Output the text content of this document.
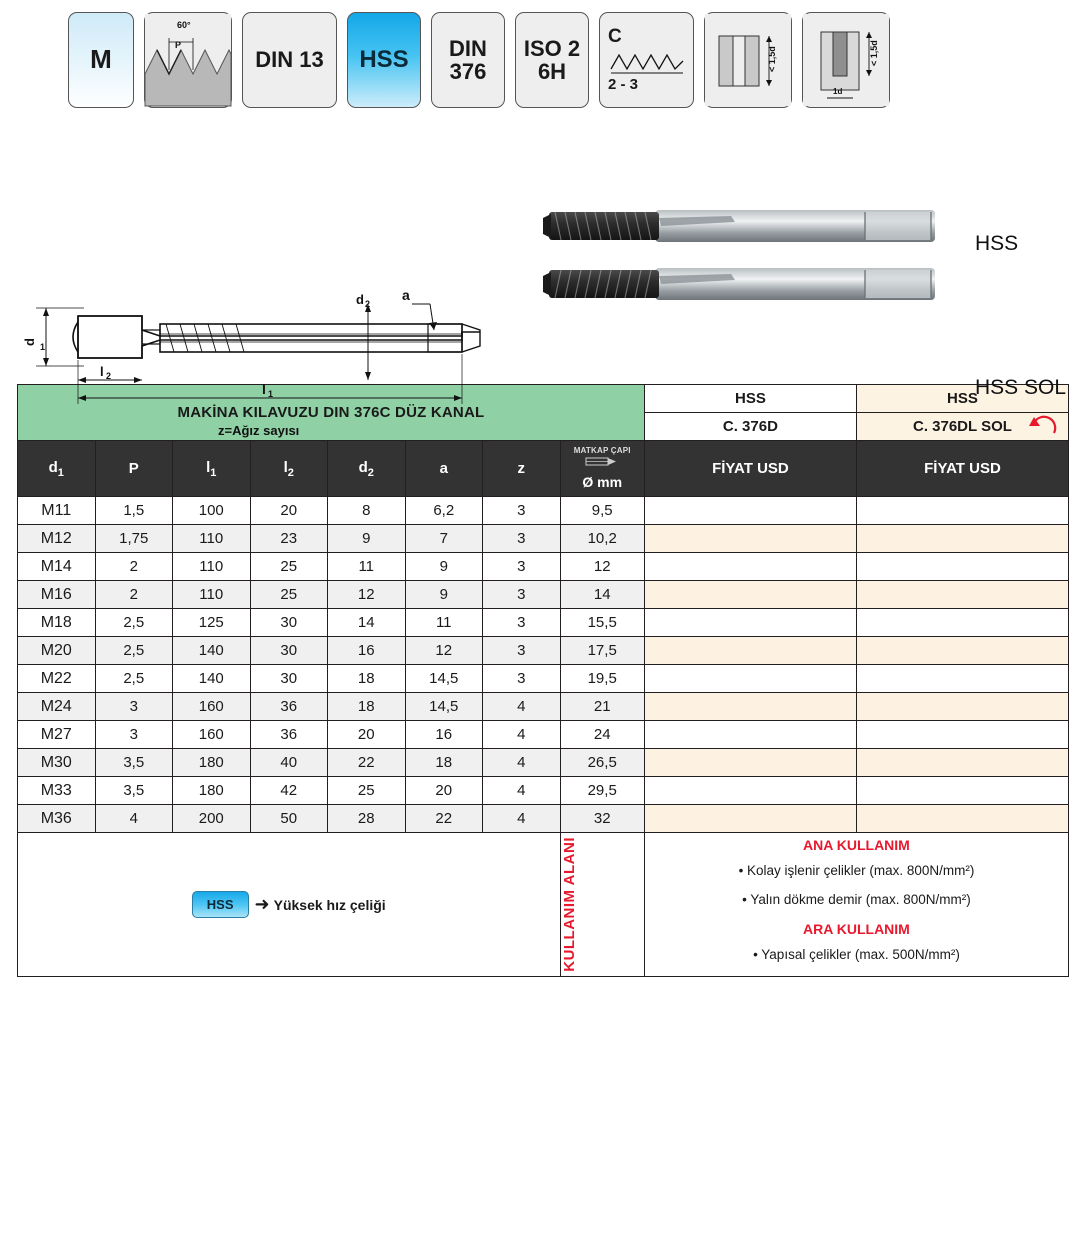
M
60°
P
DIN 13 HSS	DIN 376
ISO 2 6H
C
2 - 3
< 1,5d	< 1,5d
1d
d 1
l 2
l 1
d 2
a
z=Ağız sayısı
HSS
HSS SOL
MAKİNA KILAVUZU DIN 376C DÜZ KANAL								HSS	HSS
								C. 376D	C. 376DL SOL

$d_1$	P	$l_1$	$l_2$	$d_2$	a	z	MATKAP ÇAPI
Ø mm	FİYAT USD	FİYAT USD
M11	1,5	100	20	8	6,2	3	9,5		
M12	1,75	110	23	9	7	3	10,2		
M14	2	110	25	11	9	3	12		
M16	2	110	25	12	9	3	14		
M18	2,5	125	30	14	11	3	15,5		
M20	2,5	140	30	16	12	3	17,5		
M22	2,5	140	30	18	14,5	3	19,5		
M24	3	160	36	18	14,5	4	21		
M27	3	160	36	20	16	4	24		
M30	3,5	180	40	22	18	4	26,5		
M33	3,5	180	42	25	20	4	29,5		
M36	4	200	50	28	22	4	32		

HSS	➜ Yüksek hız çeliği	KULLANIM ALANI	ANA KULLANIM
• Kolay işlenir çelikler (max. 800N/mm²)
• Yalın dökme demir (max. 800N/mm²)
ARA KULLANIM
• Yapısal çelikler (max. 500N/mm²)
